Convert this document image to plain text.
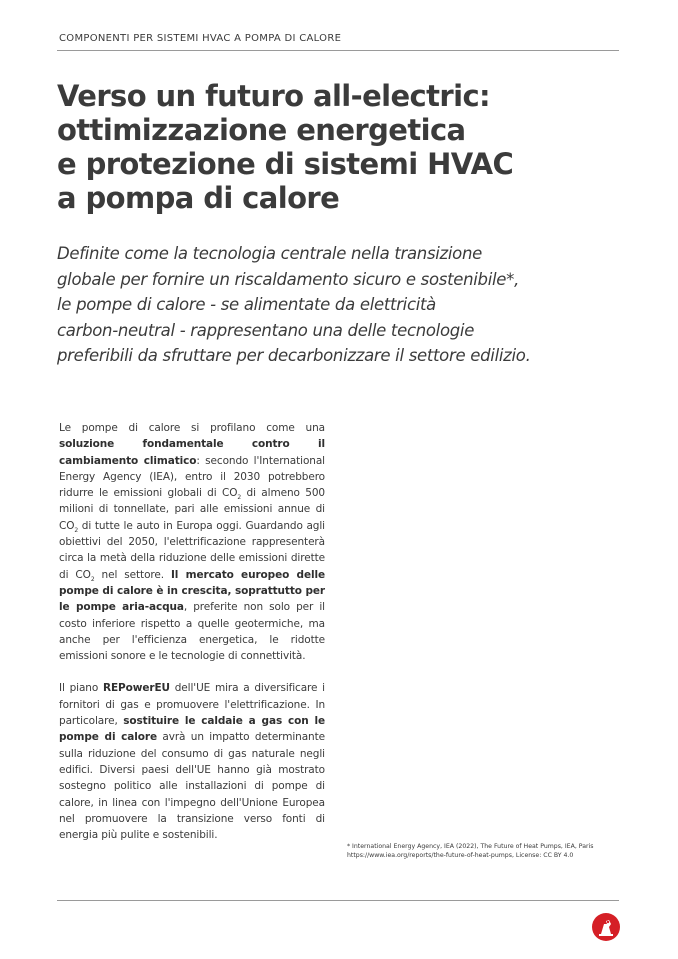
COMPONENTI PER SISTEMI HVAC A POMPA DI CALORE
Verso un futuro all-electric:
ottimizzazione energetica
e protezione di sistemi HVAC
a pompa di calore
Definite come la tecnologia centrale nella transizione
globale per fornire un riscaldamento sicuro e sostenibile*,
le pompe di calore - se alimentate da elettricità
carbon-neutral - rappresentano una delle tecnologie
preferibili da sfruttare per decarbonizzare il settore edilizio.

Le pompe di calore si profilano come una soluzione fondamentale contro il cambiamento climatico: secondo l'International Energy Agency (IEA), entro il 2030 potrebbero ridurre le emissioni globali di $CO_2$ di almeno 500 milioni di tonnellate, pari alle emissioni annue di $CO_2$ di tutte le auto in Europa oggi. Guardando agli obiettivi del 2050, l'elettrificazione rappresenterà circa la metà della riduzione delle emissioni dirette di $CO_2$ nel settore. Il mercato europeo delle pompe di calore è in crescita, soprattutto per le pompe aria-acqua, preferite non solo per il costo inferiore rispetto a quelle geotermiche, ma anche per l'efficienza energetica, le ridotte emissioni sonore e le tecnologie di connettività.

Il piano REPowerEU dell'UE mira a diversificare i fornitori di gas e promuovere l'elettrificazione. In particolare, sostituire le caldaie a gas con le pompe di calore avrà un impatto determinante sulla riduzione del consumo di gas naturale negli edifici. Diversi paesi dell'UE hanno già mostrato sostegno politico alle installazioni di pompe di calore, in linea con l'impegno dell'Unione Europea nel promuovere la transizione verso fonti di energia più pulite e sostenibili.

* International Energy Agency, IEA (2022), The Future of Heat Pumps, IEA, Paris
https://www.iea.org/reports/the-future-of-heat-pumps, License: CC BY 4.0
